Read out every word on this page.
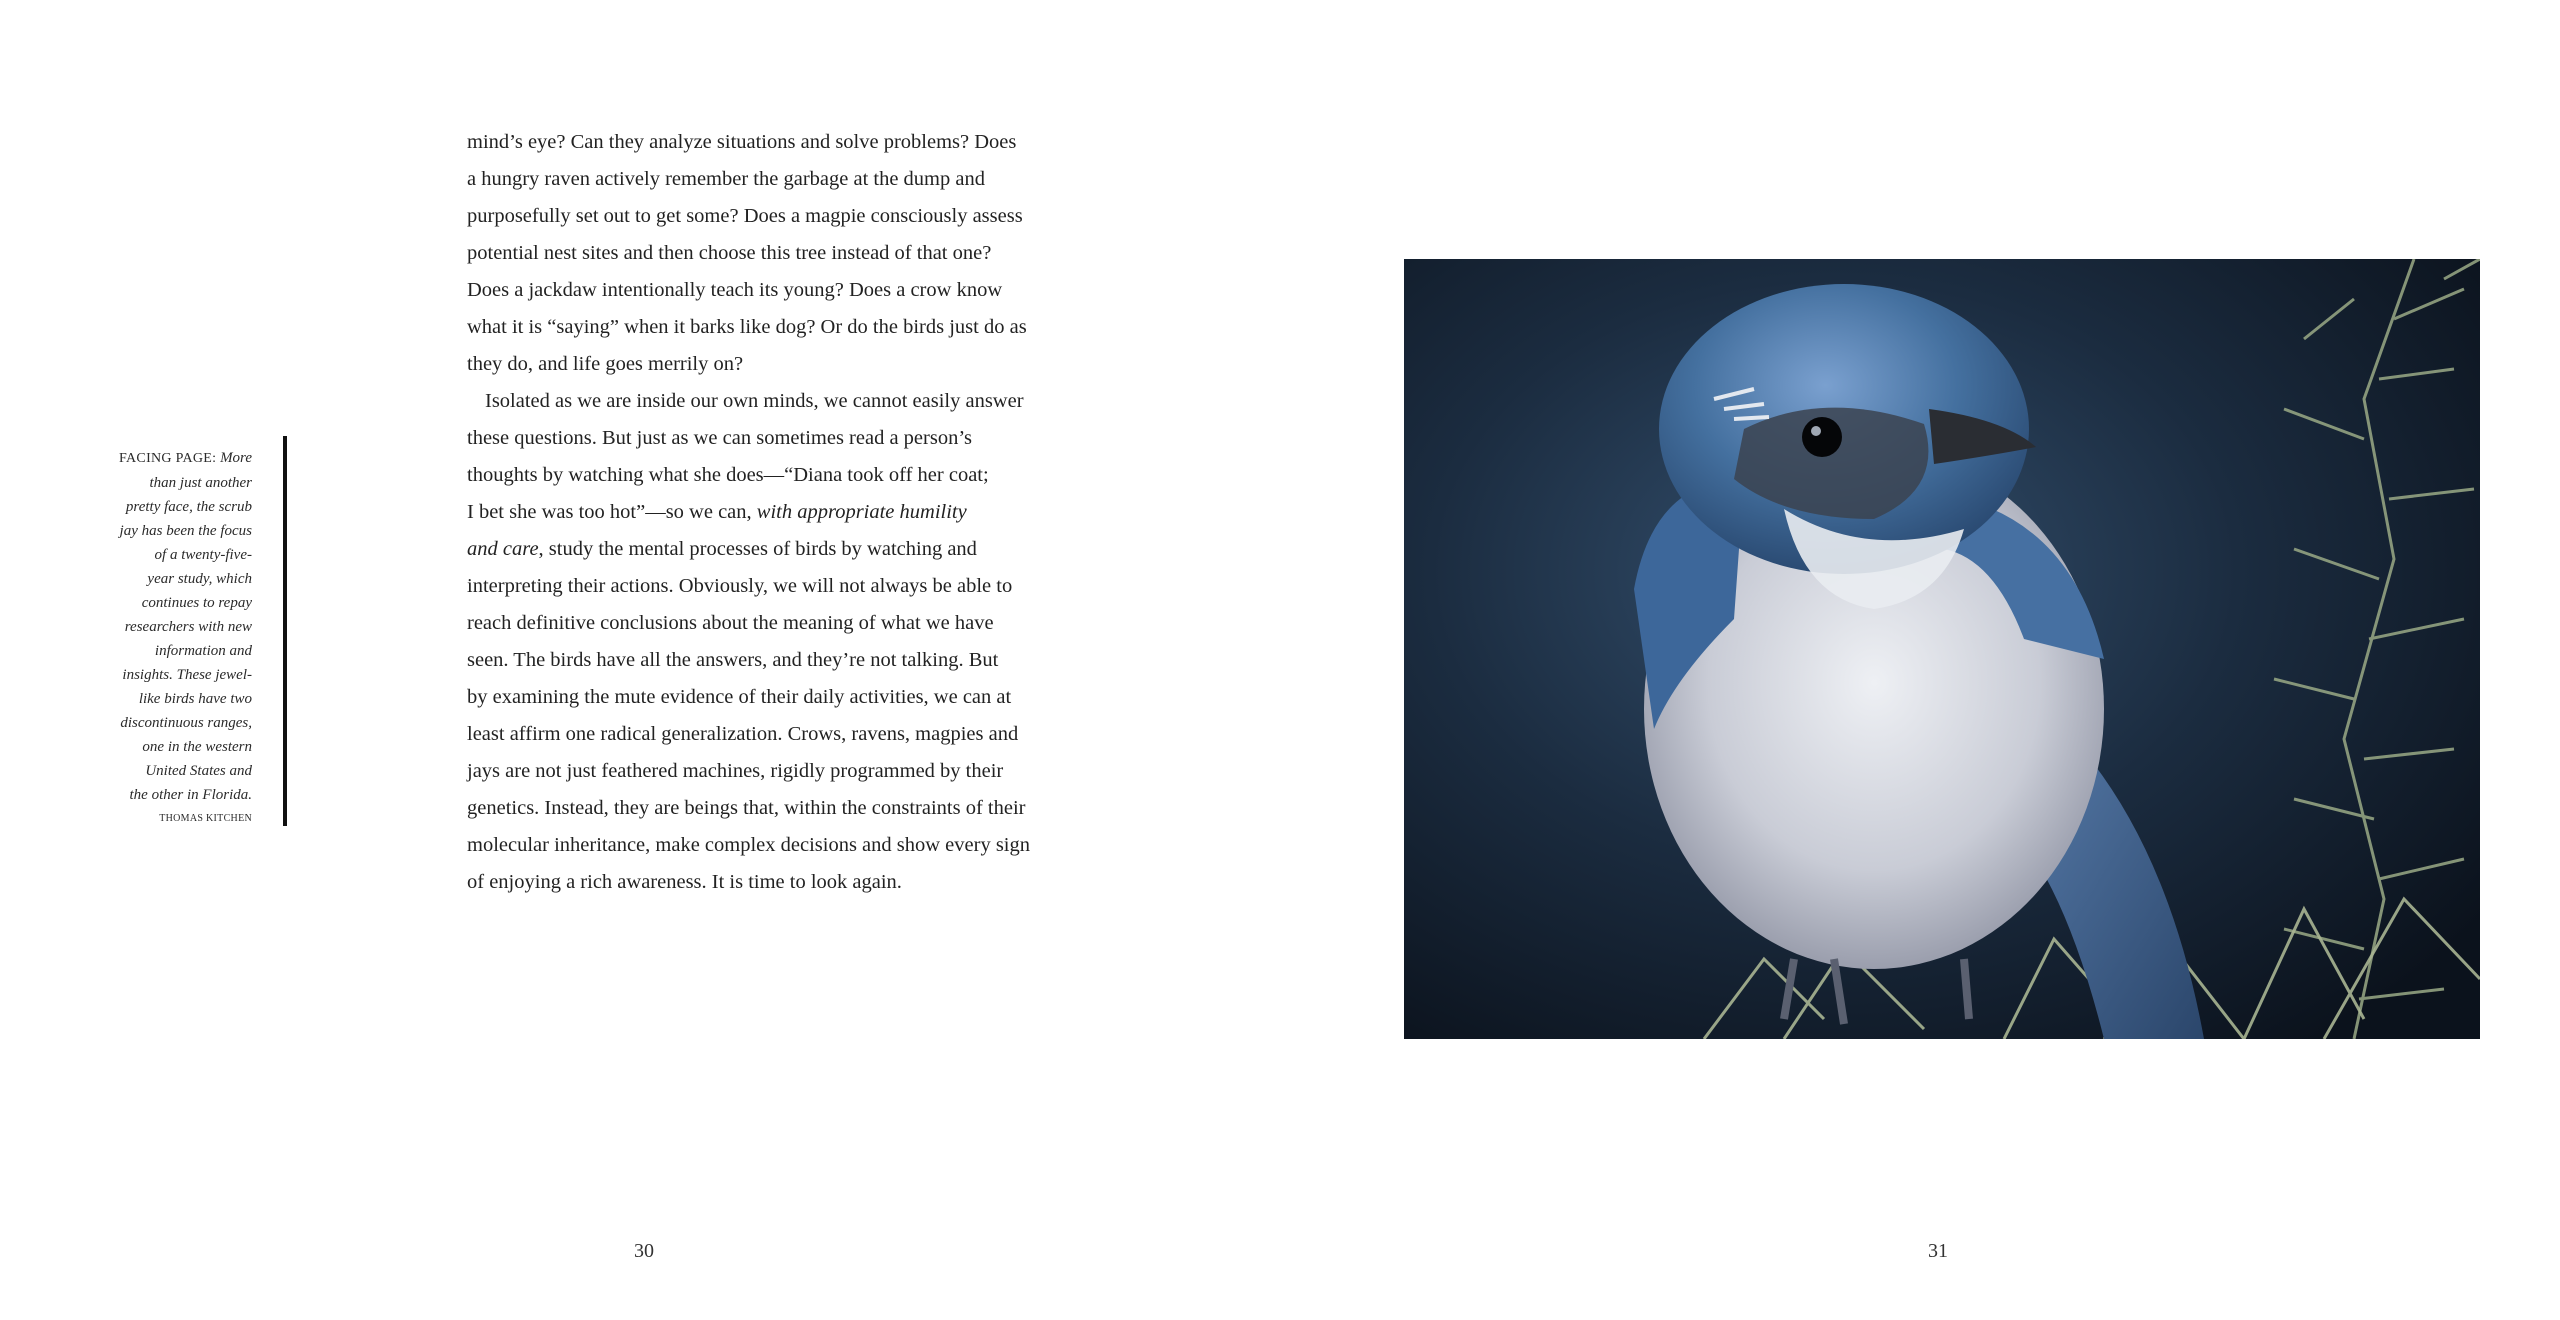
FACING PAGE: More
than just another
pretty face, the scrub
jay has been the focus
of a twenty-five-
year study, which
continues to repay
researchers with new
information and
insights. These jewel-
like birds have two
discontinuous ranges,
one in the western
United States and
the other in Florida.
THOMAS KITCHEN
mind’s eye? Can they analyze situations and solve problems? Does
a hungry raven actively remember the garbage at the dump and
purposefully set out to get some? Does a magpie consciously assess
potential nest sites and then choose this tree instead of that one?
Does a jackdaw intentionally teach its young? Does a crow know
what it is “saying” when it barks like dog? Or do the birds just do as
they do, and life goes merrily on?
Isolated as we are inside our own minds, we cannot easily answer
these questions. But just as we can sometimes read a person’s
thoughts by watching what she does—“Diana took off her coat;
I bet she was too hot”—so we can, with appropriate humility
and care, study the mental processes of birds by watching and
interpreting their actions. Obviously, we will not always be able to
reach definitive conclusions about the meaning of what we have
seen. The birds have all the answers, and they’re not talking. But
by examining the mute evidence of their daily activities, we can at
least affirm one radical generalization. Crows, ravens, magpies and
jays are not just feathered machines, rigidly programmed by their
genetics. Instead, they are beings that, within the constraints of their
molecular inheritance, make complex decisions and show every sign
of enjoying a rich awareness. It is time to look again.
30	31
